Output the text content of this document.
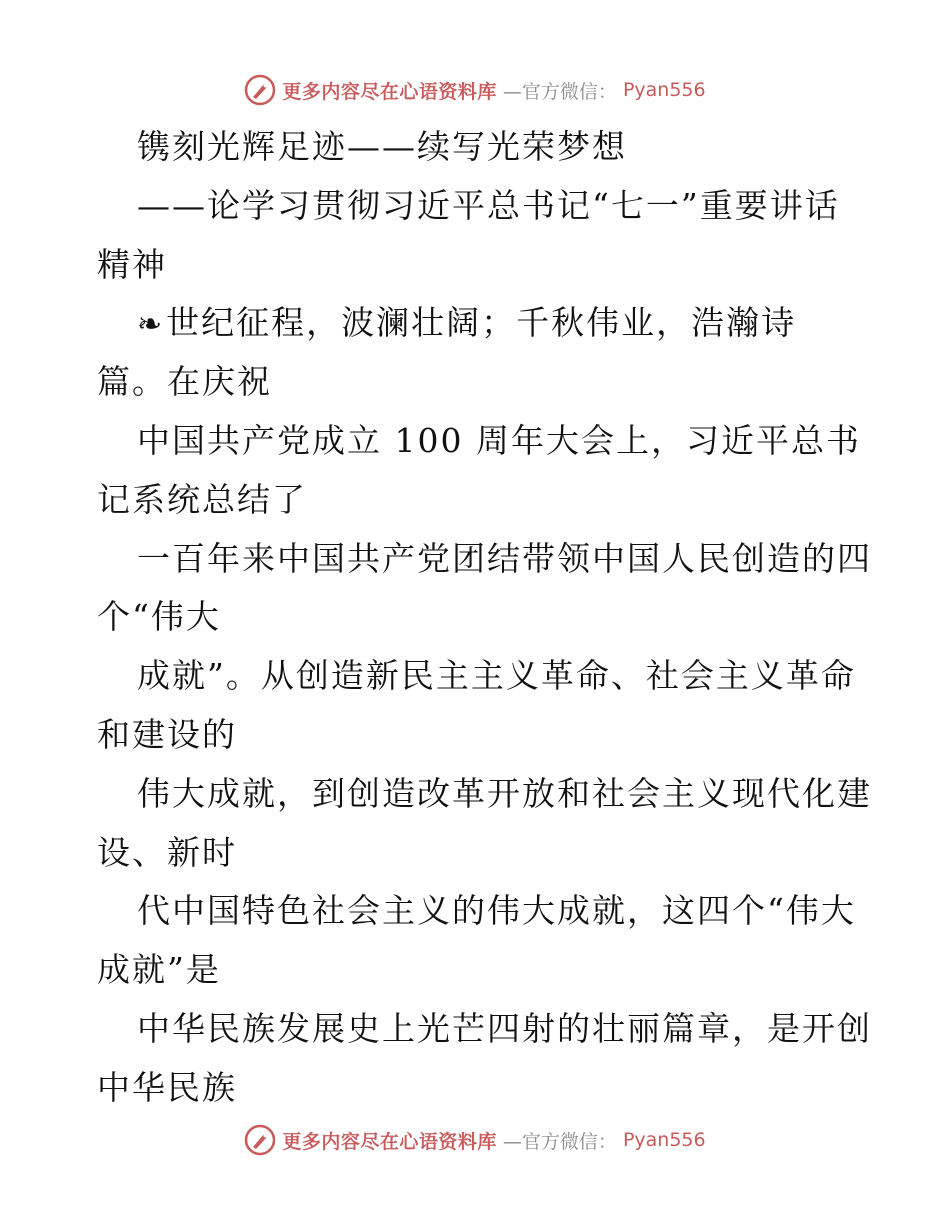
更多内容尽在心语资料库 —官方微信： Pyan556
镌刻光辉足迹——续写光荣梦想
——论学习贯彻习近平总书记“七一”重要讲话
精神
❧世纪征程，波澜壮阔；千秋伟业，浩瀚诗
篇。在庆祝
中国共产党成立 100 周年大会上，习近平总书
记系统总结了
一百年来中国共产党团结带领中国人民创造的四
个“伟大
成就”。从创造新民主主义革命、社会主义革命
和建设的
伟大成就，到创造改革开放和社会主义现代化建
设、新时
代中国特色社会主义的伟大成就，这四个“伟大
成就”是
中华民族发展史上光芒四射的壮丽篇章，是开创
中华民族
更多内容尽在心语资料库 —官方微信： Pyan556
